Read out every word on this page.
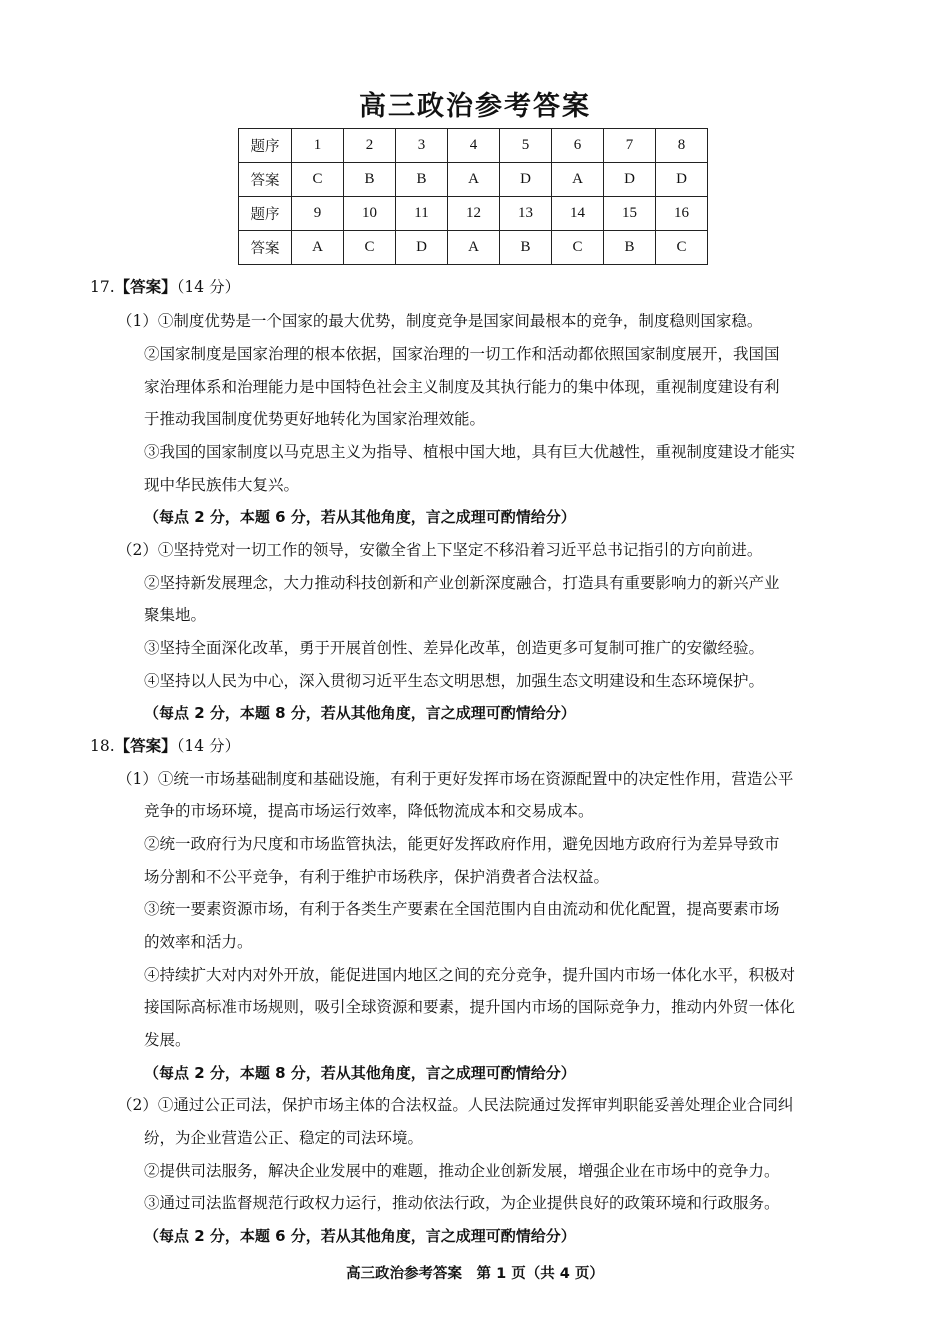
高三政治参考答案
题序	1	2	3	4	5	6	7	8
答案	C	B	B	A	D	A	D	D
题序	9	10	11	12	13	14	15	16
答案	A	C	D	A	B	C	B	C
17.【答案】（14 分）
（1）①制度优势是一个国家的最大优势，制度竞争是国家间最根本的竞争，制度稳则国家稳。
②国家制度是国家治理的根本依据，国家治理的一切工作和活动都依照国家制度展开，我国国
家治理体系和治理能力是中国特色社会主义制度及其执行能力的集中体现，重视制度建设有利
于推动我国制度优势更好地转化为国家治理效能。
③我国的国家制度以马克思主义为指导、植根中国大地，具有巨大优越性，重视制度建设才能实
现中华民族伟大复兴。
（每点 2 分，本题 6 分，若从其他角度，言之成理可酌情给分）
（2）①坚持党对一切工作的领导，安徽全省上下坚定不移沿着习近平总书记指引的方向前进。
②坚持新发展理念，大力推动科技创新和产业创新深度融合，打造具有重要影响力的新兴产业
聚集地。
③坚持全面深化改革，勇于开展首创性、差异化改革，创造更多可复制可推广的安徽经验。
④坚持以人民为中心，深入贯彻习近平生态文明思想，加强生态文明建设和生态环境保护。
（每点 2 分，本题 8 分，若从其他角度，言之成理可酌情给分）
18.【答案】（14 分）
（1）①统一市场基础制度和基础设施，有利于更好发挥市场在资源配置中的决定性作用，营造公平
竞争的市场环境，提高市场运行效率，降低物流成本和交易成本。
②统一政府行为尺度和市场监管执法，能更好发挥政府作用，避免因地方政府行为差异导致市
场分割和不公平竞争，有利于维护市场秩序，保护消费者合法权益。
③统一要素资源市场，有利于各类生产要素在全国范围内自由流动和优化配置，提高要素市场
的效率和活力。
④持续扩大对内对外开放，能促进国内地区之间的充分竞争，提升国内市场一体化水平，积极对
接国际高标准市场规则，吸引全球资源和要素，提升国内市场的国际竞争力，推动内外贸一体化
发展。
（每点 2 分，本题 8 分，若从其他角度，言之成理可酌情给分）
（2）①通过公正司法，保护市场主体的合法权益。人民法院通过发挥审判职能妥善处理企业合同纠
纷，为企业营造公正、稳定的司法环境。
②提供司法服务，解决企业发展中的难题，推动企业创新发展，增强企业在市场中的竞争力。
③通过司法监督规范行政权力运行，推动依法行政，为企业提供良好的政策环境和行政服务。
（每点 2 分，本题 6 分，若从其他角度，言之成理可酌情给分）
高三政治参考答案　第 1 页（共 4 页）
